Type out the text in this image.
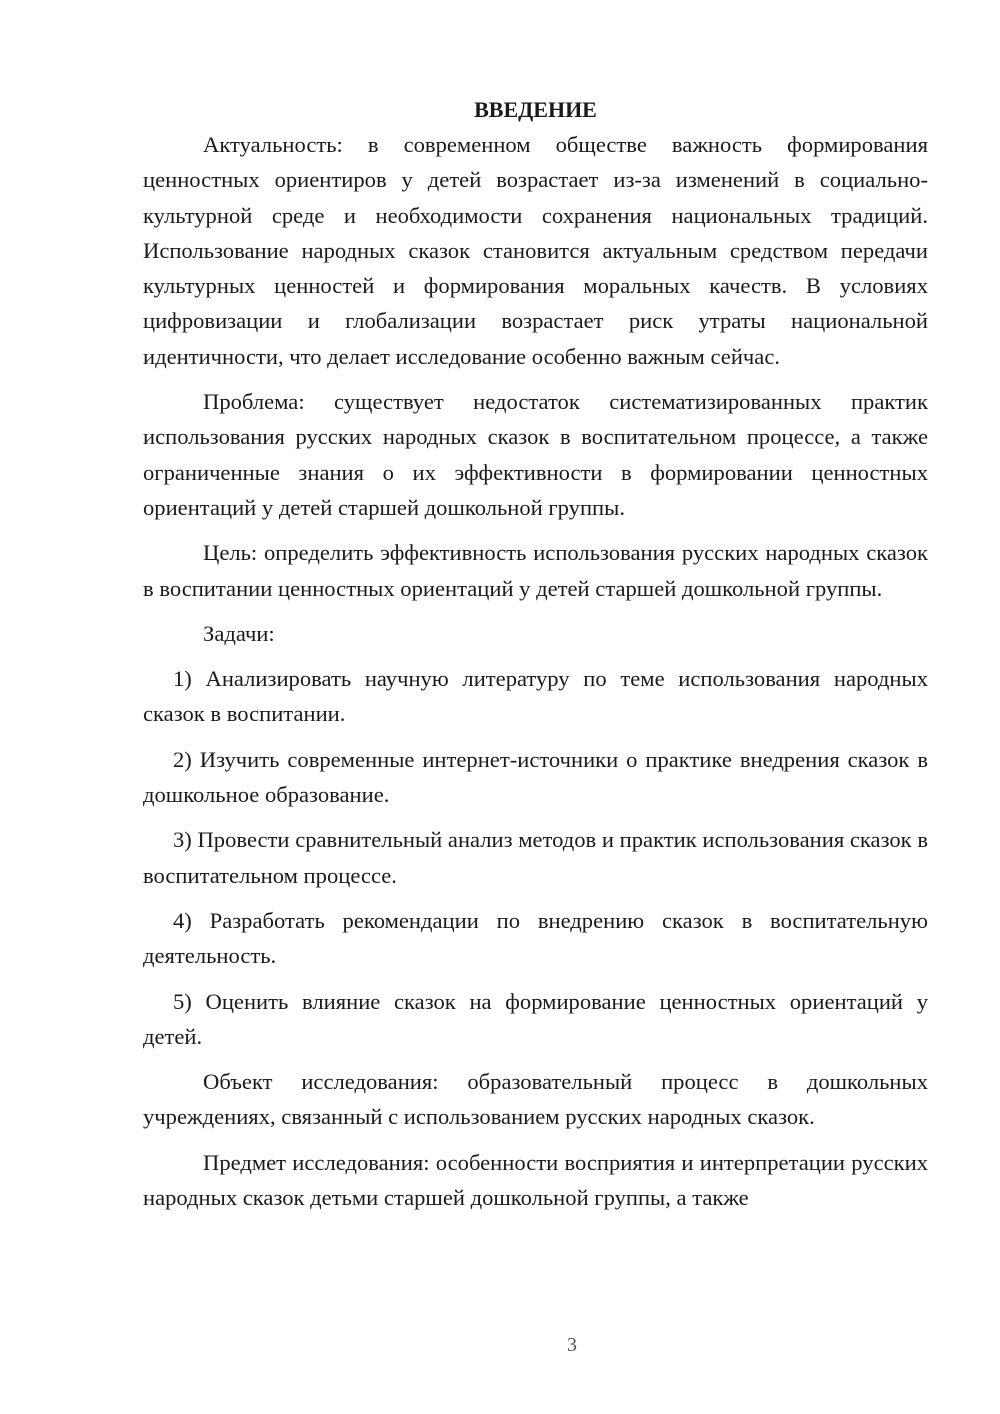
ВВЕДЕНИЕ

Актуальность: в современном обществе важность формирования ценностных ориентиров у детей возрастает из-за изменений в социально-культурной среде и необходимости сохранения национальных традиций. Использование народных сказок становится актуальным средством передачи культурных ценностей и формирования моральных качеств. В условиях цифровизации и глобализации возрастает риск утраты национальной идентичности, что делает исследование особенно важным сейчас.

Проблема: существует недостаток систематизированных практик использования русских народных сказок в воспитательном процессе, а также ограниченные знания о их эффективности в формировании ценностных ориентаций у детей старшей дошкольной группы.

Цель: определить эффективность использования русских народных сказок в воспитании ценностных ориентаций у детей старшей дошкольной группы.

Задачи:

1) Анализировать научную литературу по теме использования народных сказок в воспитании.

2) Изучить современные интернет-источники о практике внедрения сказок в дошкольное образование.

3) Провести сравнительный анализ методов и практик использования сказок в воспитательном процессе.

4) Разработать рекомендации по внедрению сказок в воспитательную деятельность.

5) Оценить влияние сказок на формирование ценностных ориентаций у детей.

Объект исследования: образовательный процесс в дошкольных учреждениях, связанный с использованием русских народных сказок.

Предмет исследования: особенности восприятия и интерпретации русских народных сказок детьми старшей дошкольной группы, а также

3
